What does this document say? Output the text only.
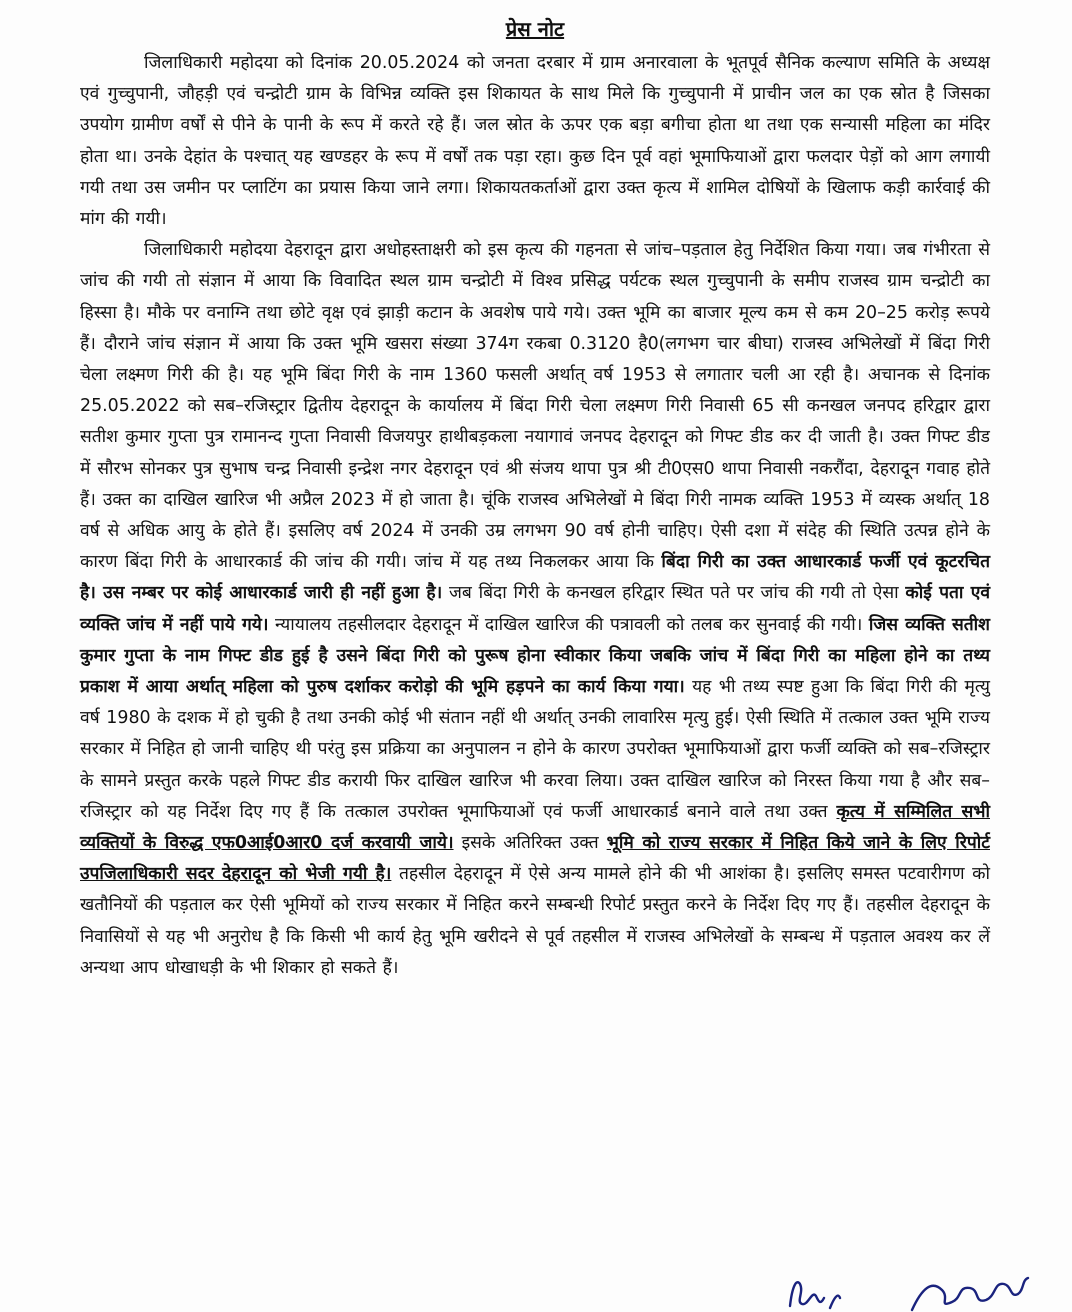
प्रेस नोट

जिलाधिकारी महोदया को दिनांक 20.05.2024 को जनता दरबार में ग्राम अनारवाला के भूतपूर्व सैनिक कल्याण समिति के अध्यक्ष एवं गुच्चुपानी, जौहड़ी एवं चन्द्रोटी ग्राम के विभिन्न व्यक्ति इस शिकायत के साथ मिले कि गुच्चुपानी में प्राचीन जल का एक स्रोत है जिसका उपयोग ग्रामीण वर्षों से पीने के पानी के रूप में करते रहे हैं। जल स्रोत के ऊपर एक बड़ा बगीचा होता था तथा एक सन्यासी महिला का मंदिर होता था। उनके देहांत के पश्चात् यह खण्डहर के रूप में वर्षों तक पड़ा रहा। कुछ दिन पूर्व वहां भूमाफियाओं द्वारा फलदार पेड़ों को आग लगायी गयी तथा उस जमीन पर प्लाटिंग का प्रयास किया जाने लगा। शिकायतकर्ताओं द्वारा उक्त कृत्य में शामिल दोषियों के खिलाफ कड़ी कार्रवाई की मांग की गयी।

जिलाधिकारी महोदया देहरादून द्वारा अधोहस्ताक्षरी को इस कृत्य की गहनता से जांच–पड़ताल हेतु निर्देशित किया गया। जब गंभीरता से जांच की गयी तो संज्ञान में आया कि विवादित स्थल ग्राम चन्द्रोटी में विश्व प्रसिद्ध पर्यटक स्थल गुच्चुपानी के समीप राजस्व ग्राम चन्द्रोटी का हिस्सा है। मौके पर वनाग्नि तथा छोटे वृक्ष एवं झाड़ी कटान के अवशेष पाये गये। उक्त भूमि का बाजार मूल्य कम से कम 20–25 करोड़ रूपये हैं। दौराने जांच संज्ञान में आया कि उक्त भूमि खसरा संख्या 374ग रकबा 0.3120 है0(लगभग चार बीघा) राजस्व अभिलेखों में बिंदा गिरी चेला लक्ष्मण गिरी की है। यह भूमि बिंदा गिरी के नाम 1360 फसली अर्थात् वर्ष 1953 से लगातार चली आ रही है। अचानक से दिनांक 25.05.2022 को सब–रजिस्ट्रार द्वितीय देहरादून के कार्यालय में बिंदा गिरी चेला लक्ष्मण गिरी निवासी 65 सी कनखल जनपद हरिद्वार द्वारा सतीश कुमार गुप्ता पुत्र रामानन्द गुप्ता निवासी विजयपुर हाथीबड़कला नयागावं जनपद देहरादून को गिफ्ट डीड कर दी जाती है। उक्त गिफ्ट डीड में सौरभ सोनकर पुत्र सुभाष चन्द्र निवासी इन्द्रेश नगर देहरादून एवं श्री संजय थापा पुत्र श्री टी0एस0 थापा निवासी नकरौंदा, देहरादून गवाह होते हैं। उक्त का दाखिल खारिज भी अप्रैल 2023 में हो जाता है। चूंकि राजस्व अभिलेखों मे बिंदा गिरी नामक व्यक्ति 1953 में व्यस्क अर्थात् 18 वर्ष से अधिक आयु के होते हैं। इसलिए वर्ष 2024 में उनकी उम्र लगभग 90 वर्ष होनी चाहिए। ऐसी दशा में संदेह की स्थिति उत्पन्न होने के कारण बिंदा गिरी के आधारकार्ड की जांच की गयी। जांच में यह तथ्य निकलकर आया कि बिंदा गिरी का उक्त आधारकार्ड फर्जी एवं कूटरचित है। उस नम्बर पर कोई आधारकार्ड जारी ही नहीं हुआ है। जब बिंदा गिरी के कनखल हरिद्वार स्थित पते पर जांच की गयी तो ऐसा कोई पता एवं व्यक्ति जांच में नहीं पाये गये। न्यायालय तहसीलदार देहरादून में दाखिल खारिज की पत्रावली को तलब कर सुनवाई की गयी। जिस व्यक्ति सतीश कुमार गुप्ता के नाम गिफ्ट डीड हुई है उसने बिंदा गिरी को पुरूष होना स्वीकार किया जबकि जांच में बिंदा गिरी का महिला होने का तथ्य प्रकाश में आया अर्थात् महिला को पुरुष दर्शाकर करोड़ो की भूमि हड़पने का कार्य किया गया। यह भी तथ्य स्पष्ट हुआ कि बिंदा गिरी की मृत्यु वर्ष 1980 के दशक में हो चुकी है तथा उनकी कोई भी संतान नहीं थी अर्थात् उनकी लावारिस मृत्यु हुई। ऐसी स्थिति में तत्काल उक्त भूमि राज्य सरकार में निहित हो जानी चाहिए थी परंतु इस प्रक्रिया का अनुपालन न होने के कारण उपरोक्त भूमाफियाओं द्वारा फर्जी व्यक्ति को सब–रजिस्ट्रार के सामने प्रस्तुत करके पहले गिफ्ट डीड करायी फिर दाखिल खारिज भी करवा लिया। उक्त दाखिल खारिज को निरस्त किया गया है और सब–रजिस्ट्रार को यह निर्देश दिए गए हैं कि तत्काल उपरोक्त भूमाफियाओं एवं फर्जी आधारकार्ड बनाने वाले तथा उक्त कृत्य में सम्मिलित सभी व्यक्तियों के विरुद्ध एफ0आई0आर0 दर्ज करवायी जाये। इसके अतिरिक्त उक्त भूमि को राज्य सरकार में निहित किये जाने के लिए रिपोर्ट उपजिलाधिकारी सदर देहरादून को भेजी गयी है। तहसील देहरादून में ऐसे अन्य मामले होने की भी आशंका है। इसलिए समस्त पटवारीगण को खतौनियों की पड़ताल कर ऐसी भूमियों को राज्य सरकार में निहित करने सम्बन्धी रिपोर्ट प्रस्तुत करने के निर्देश दिए गए हैं। तहसील देहरादून के निवासियों से यह भी अनुरोध है कि किसी भी कार्य हेतु भूमि खरीदने से पूर्व तहसील में राजस्व अभिलेखों के सम्बन्ध में पड़ताल अवश्य कर लें अन्यथा आप धोखाधड़ी के भी शिकार हो सकते हैं।
